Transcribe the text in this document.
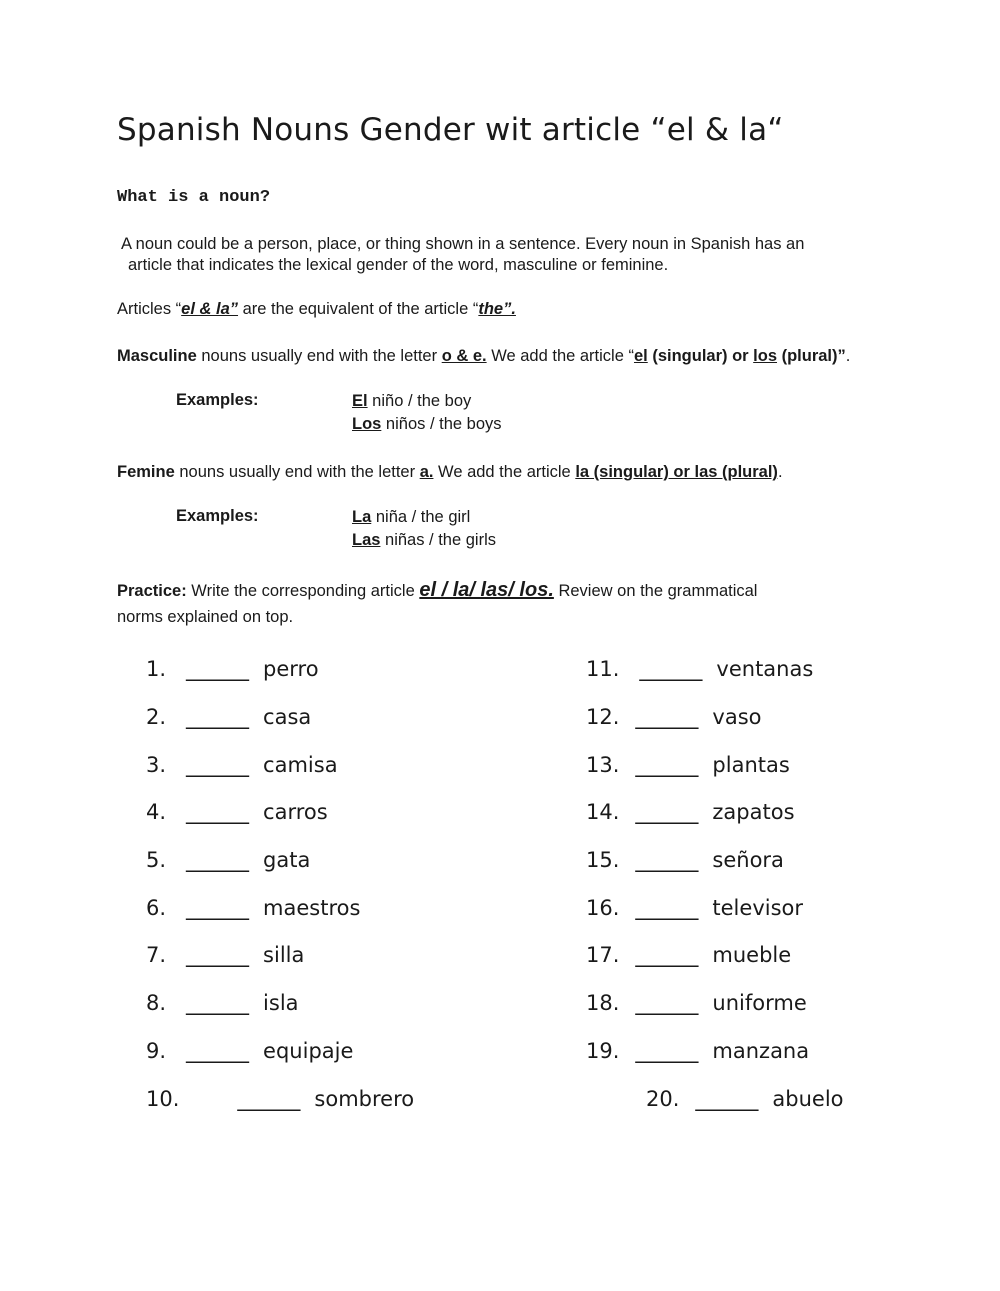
Spanish Nouns Gender wit article “el & la“
What is a noun?
A noun could be a person, place, or thing shown in a sentence. Every noun in Spanish has an
article that indicates the lexical gender of the word, masculine or feminine.
Articles “el & la” are the equivalent of the article “the”.
Masculine nouns usually end with the letter o & e. We add the article “el (singular) or los (plural)”.
Examples:	El niño / the boy
Los niños / the boys
Femine nouns usually end with the letter a. We add the article la (singular) or las (plural).
Examples:	La niña / the girl
Las niñas / the girls
Practice: Write the corresponding article el / la/ las/ los. Review on the grammatical
norms explained on top.
1. ______ perro
2. ______ casa
3. ______ camisa
4. ______ carros
5. ______ gata
6. ______ maestros
7. ______ silla
8. ______ isla
9. ______ equipaje
10.	______ sombrero
11. ______ ventanas
12. ______ vaso
13. ______ plantas
14. ______ zapatos
15. ______ señora
16. ______ televisor
17. ______ mueble
18. ______ uniforme
19. ______ manzana
20. ______ abuelo
